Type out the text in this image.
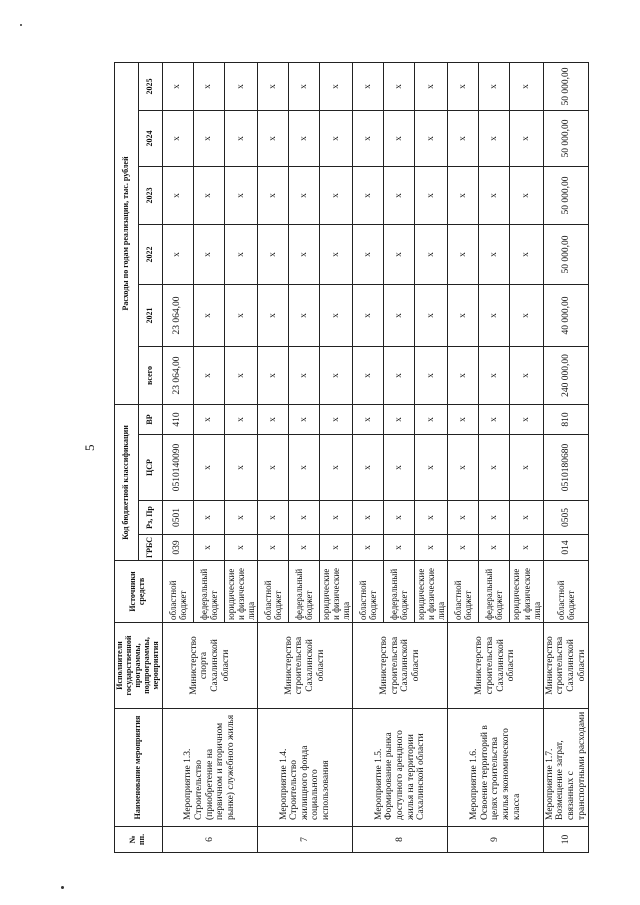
5
№ пп.	Наименование мероприятия	Исполнители государственной программы, подпрограммы, мероприятия	Источники средств	Код бюджетной классификации				Расходы по годам реализации, тыс. рублей					
				ГРБС	Рз, Пр	ЦСР	ВР	всего	2021	2022	2023	2024	2025
6	Мероприятие 1.3. Строительство (приобретение на первичном и вторичном рынке) служебного жилья	Министерство спорта Сахалинской области	областной бюджет	039	0501	0510140090	410	23 064,00	23 064,00	х	х	х	х
			федеральный бюджет	х	х	х	х	х	х	х	х	х	х
			юридические и физические лица	х	х	х	х	х	х	х	х	х	х
7	Мероприятие 1.4. Строительство жилищного фонда социального использования	Министерство строительства Сахалинской области	областной бюджет	х	х	х	х	х	х	х	х	х	х
			федеральный бюджет	х	х	х	х	х	х	х	х	х	х
			юридические и физические лица	х	х	х	х	х	х	х	х	х	х
8	Мероприятие 1.5. Формирование рынка доступного арендного жилья на территории Сахалинской области	Министерство строительства Сахалинской области	областной бюджет	х	х	х	х	х	х	х	х	х	х
			федеральный бюджет	х	х	х	х	х	х	х	х	х	х
			юридические и физические лица	х	х	х	х	х	х	х	х	х	х
9	Мероприятие 1.6. Освоение территорий в целях строительства жилья экономического класса	Министерство строительства Сахалинской области	областной бюджет	х	х	х	х	х	х	х	х	х	х
			федеральный бюджет	х	х	х	х	х	х	х	х	х	х
			юридические и физические лица	х	х	х	х	х	х	х	х	х	х
10	Мероприятие 1.7. Возмещение затрат, связанных с транспортными расходами	Министерство строительства Сахалинской области	областной бюджет	014	0505	0510180680	810	240 000,00	40 000,00	50 000,00	50 000,00	50 000,00	50 000,00
